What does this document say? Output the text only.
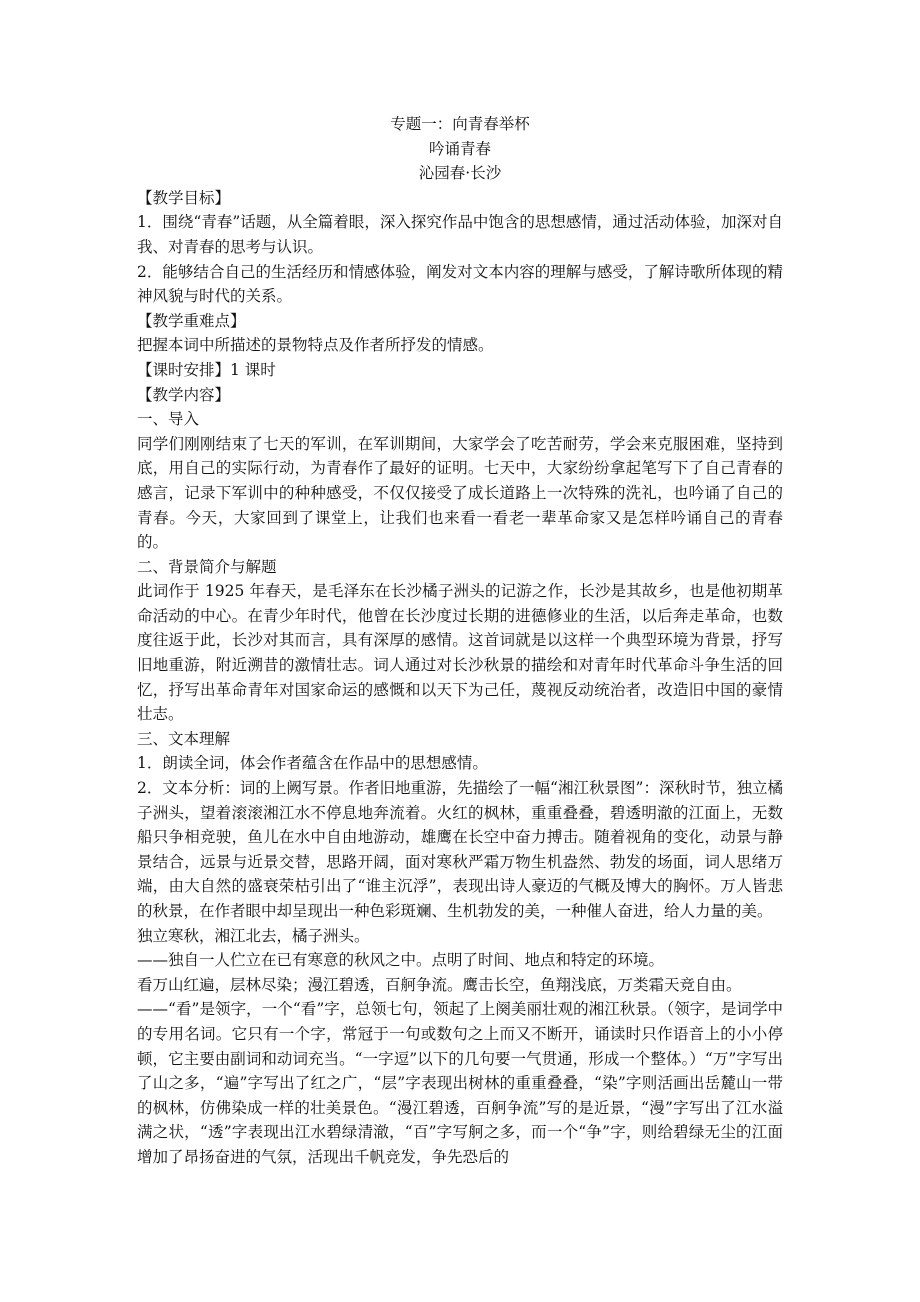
专题一：向青春举杯
吟诵青春
沁园春·长沙

【教学目标】

1．围绕“青春”话题，从全篇着眼，深入探究作品中饱含的思想感情，通过活动体验，加深对自我、对青春的思考与认识。

2．能够结合自己的生活经历和情感体验，阐发对文本内容的理解与感受，了解诗歌所体现的精神风貌与时代的关系。

【教学重难点】

把握本词中所描述的景物特点及作者所抒发的情感。

【课时安排】1 课时

【教学内容】

一、导入

同学们刚刚结束了七天的军训，在军训期间，大家学会了吃苦耐劳，学会来克服困难，坚持到底，用自己的实际行动，为青春作了最好的证明。七天中，大家纷纷拿起笔写下了自己青春的感言，记录下军训中的种种感受，不仅仅接受了成长道路上一次特殊的洗礼，也吟诵了自己的青春。今天，大家回到了课堂上，让我们也来看一看老一辈革命家又是怎样吟诵自己的青春的。

二、背景简介与解题

此词作于 1925 年春天，是毛泽东在长沙橘子洲头的记游之作，长沙是其故乡，也是他初期革命活动的中心。在青少年时代，他曾在长沙度过长期的进德修业的生活，以后奔走革命，也数度往返于此，长沙对其而言，具有深厚的感情。这首词就是以这样一个典型环境为背景，抒写旧地重游，附近溯昔的激情壮志。词人通过对长沙秋景的描绘和对青年时代革命斗争生活的回忆，抒写出革命青年对国家命运的感慨和以天下为己任，蔑视反动统治者，改造旧中国的豪情壮志。

三、文本理解

1．朗读全词，体会作者蕴含在作品中的思想感情。

2．文本分析：词的上阙写景。作者旧地重游，先描绘了一幅“湘江秋景图”：深秋时节，独立橘子洲头，望着滚滚湘江水不停息地奔流着。火红的枫林，重重叠叠，碧透明澈的江面上，无数船只争相竞驶，鱼儿在水中自由地游动，雄鹰在长空中奋力搏击。随着视角的变化，动景与静景结合，远景与近景交替，思路开阔，面对寒秋严霜万物生机盎然、勃发的场面，词人思绪万端，由大自然的盛衰荣枯引出了“谁主沉浮”，表现出诗人豪迈的气概及博大的胸怀。万人皆悲的秋景，在作者眼中却呈现出一种色彩斑斓、生机勃发的美，一种催人奋进，给人力量的美。

独立寒秋，湘江北去，橘子洲头。

——独自一人伫立在已有寒意的秋风之中。点明了时间、地点和特定的环境。

看万山红遍，层林尽染；漫江碧透，百舸争流。鹰击长空，鱼翔浅底，万类霜天竞自由。

——“看”是领字，一个“看”字，总领七句，领起了上阕美丽壮观的湘江秋景。（领字，是词学中的专用名词。它只有一个字，常冠于一句或数句之上而又不断开，诵读时只作语音上的小小停顿，它主要由副词和动词充当。“一字逗”以下的几句要一气贯通，形成一个整体。）“万”字写出了山之多，“遍”字写出了红之广，“层”字表现出树林的重重叠叠，“染”字则活画出岳麓山一带的枫林，仿佛染成一样的壮美景色。“漫江碧透，百舸争流”写的是近景，“漫”字写出了江水溢满之状，“透”字表现出江水碧绿清澈，“百”字写舸之多，而一个“争”字，则给碧绿无尘的江面增加了昂扬奋进的气氛，活现出千帆竞发，争先恐后的
